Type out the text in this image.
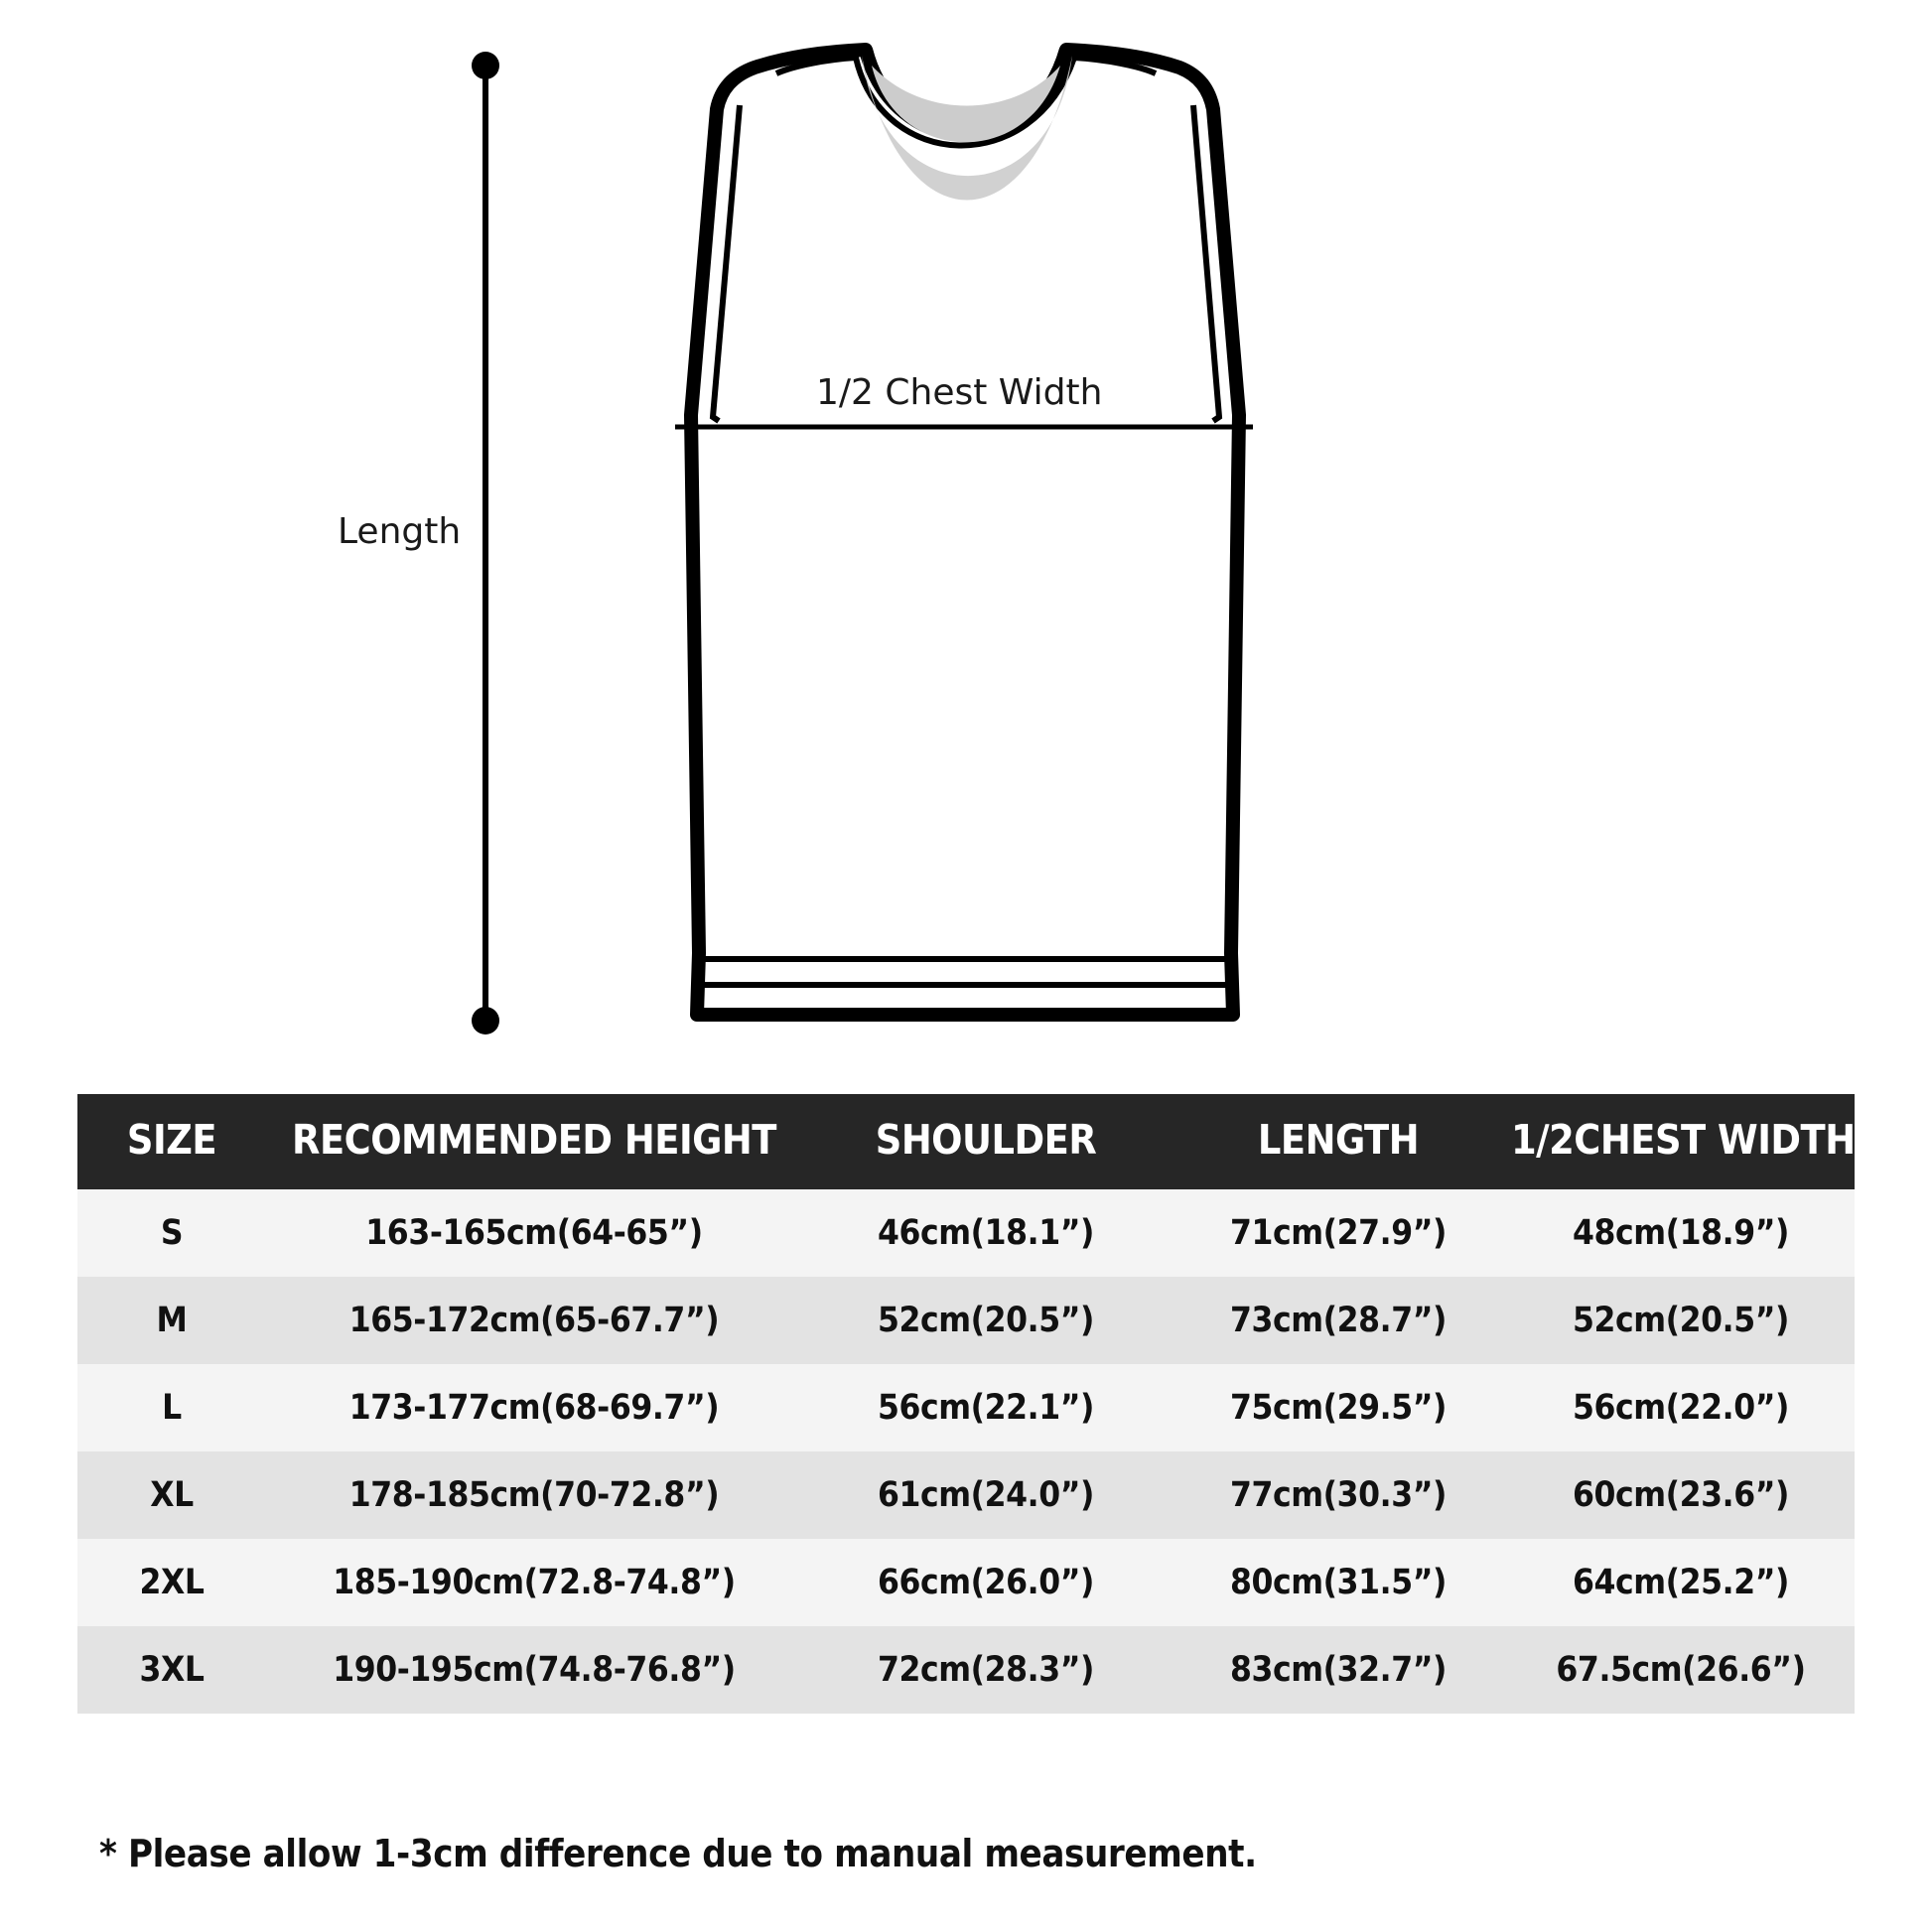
Length
1/2 Chest Width
SIZE	RECOMMENDED HEIGHT	SHOULDER	LENGTH	1/2CHEST WIDTH
S	163-165cm(64-65”)	46cm(18.1”)	71cm(27.9”)	48cm(18.9”)
M	165-172cm(65-67.7”)	52cm(20.5”)	73cm(28.7”)	52cm(20.5”)
L	173-177cm(68-69.7”)	56cm(22.1”)	75cm(29.5”)	56cm(22.0”)
XL	178-185cm(70-72.8”)	61cm(24.0”)	77cm(30.3”)	60cm(23.6”)
2XL	185-190cm(72.8-74.8”)	66cm(26.0”)	80cm(31.5”)	64cm(25.2”)
3XL	190-195cm(74.8-76.8”)	72cm(28.3”)	83cm(32.7”)	67.5cm(26.6”)
* Please allow 1-3cm difference due to manual measurement.
